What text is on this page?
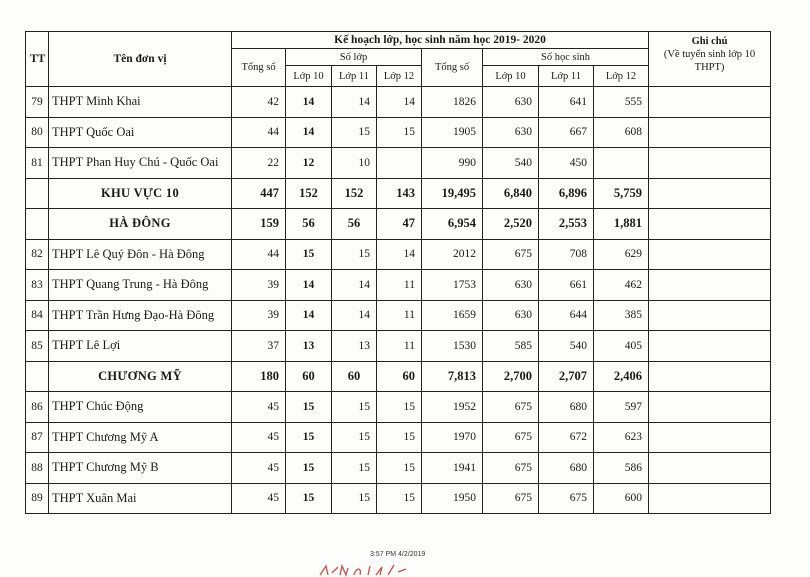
TT	Tên đơn vị	Kế hoạch lớp, học sinh năm học 2019- 2020								Ghi chú
(Về tuyển sinh lớp 10 THPT)

		Tổng số	Số lớp			Tổng số	Số học sinh			
			Lớp 10	Lớp 11	Lớp 12		Lớp 10	Lớp 11	Lớp 12	
79	THPT Minh Khai	42	14	14	14	1826	630	641	555	
80	THPT Quốc Oai	44	14	15	15	1905	630	667	608	
81	THPT Phan Huy Chú - Quốc Oai	22	12	10		990	540	450		
	KHU VỰC 10	447	152	152	143	19,495	6,840	6,896	5,759	
	HÀ ĐÔNG	159	56	56	47	6,954	2,520	2,553	1,881	
82	THPT Lê Quý Đôn - Hà Đông	44	15	15	14	2012	675	708	629	
83	THPT Quang Trung - Hà Đông	39	14	14	11	1753	630	661	462	
84	THPT Trần Hưng Đạo-Hà Đông	39	14	14	11	1659	630	644	385	
85	THPT Lê Lợi	37	13	13	11	1530	585	540	405	
	CHƯƠNG MỸ	180	60	60	60	7,813	2,700	2,707	2,406	
86	THPT Chúc Động	45	15	15	15	1952	675	680	597	
87	THPT Chương Mỹ A	45	15	15	15	1970	675	672	623	
88	THPT Chương Mỹ B	45	15	15	15	1941	675	680	586	
89	THPT Xuân Mai	45	15	15	15	1950	675	675	600	
3:57 PM 4/2/2019
